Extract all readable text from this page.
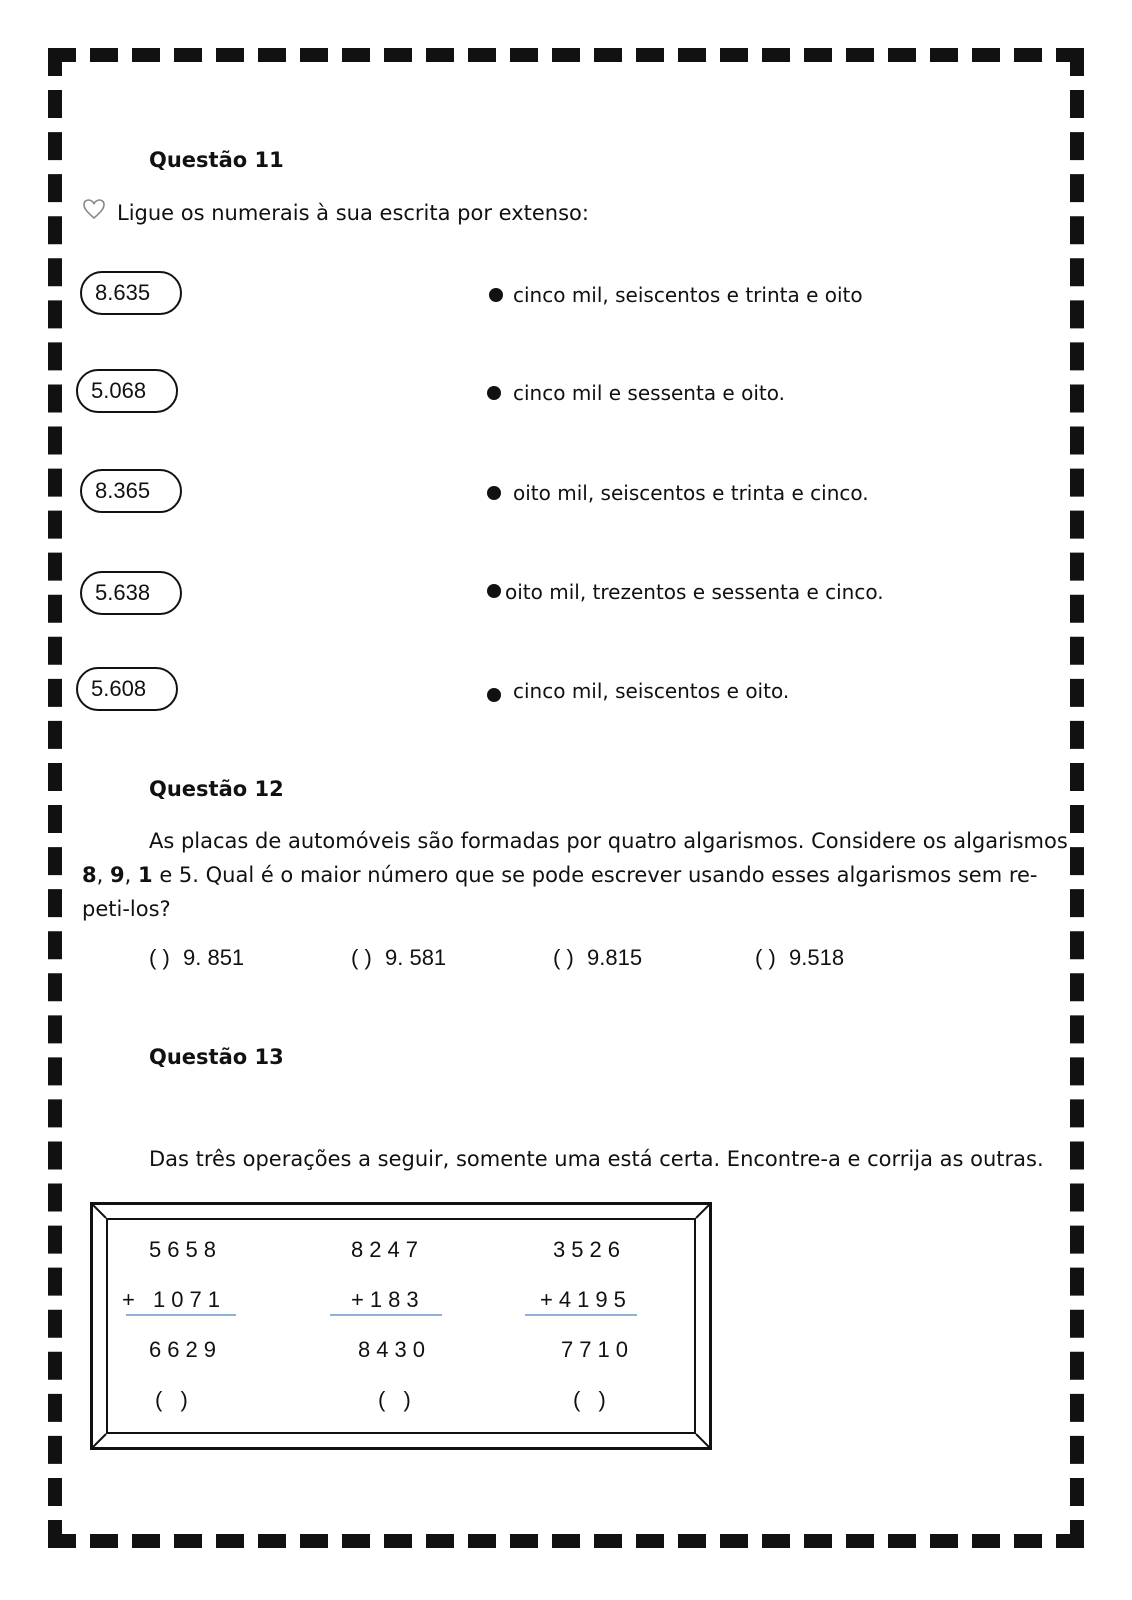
Questão 11
Ligue os numerais à sua escrita por extenso:
8.635
5.068
8.365
5.638
5.608
cinco mil, seiscentos e trinta e oito
cinco mil e sessenta e oito.
oito mil, seiscentos e trinta e cinco.
oito mil, trezentos e sessenta e cinco.
cinco mil, seiscentos e oito.
Questão 12
As placas de automóveis são formadas por quatro algarismos. Considere os algarismos
8, 9, 1 e 5. Qual é o maior número que se pode escrever usando esses algarismos sem re-
peti-los?
( ) 9. 851	( ) 9. 581	( ) 9.815	( ) 9.518
Questão 13
Das três operações a seguir, somente uma está certa. Encontre-a e corrija as outras.
5658
+ 1071
6629
( )
8247
+183
8430
( )
3526
+4195
7710
( )
